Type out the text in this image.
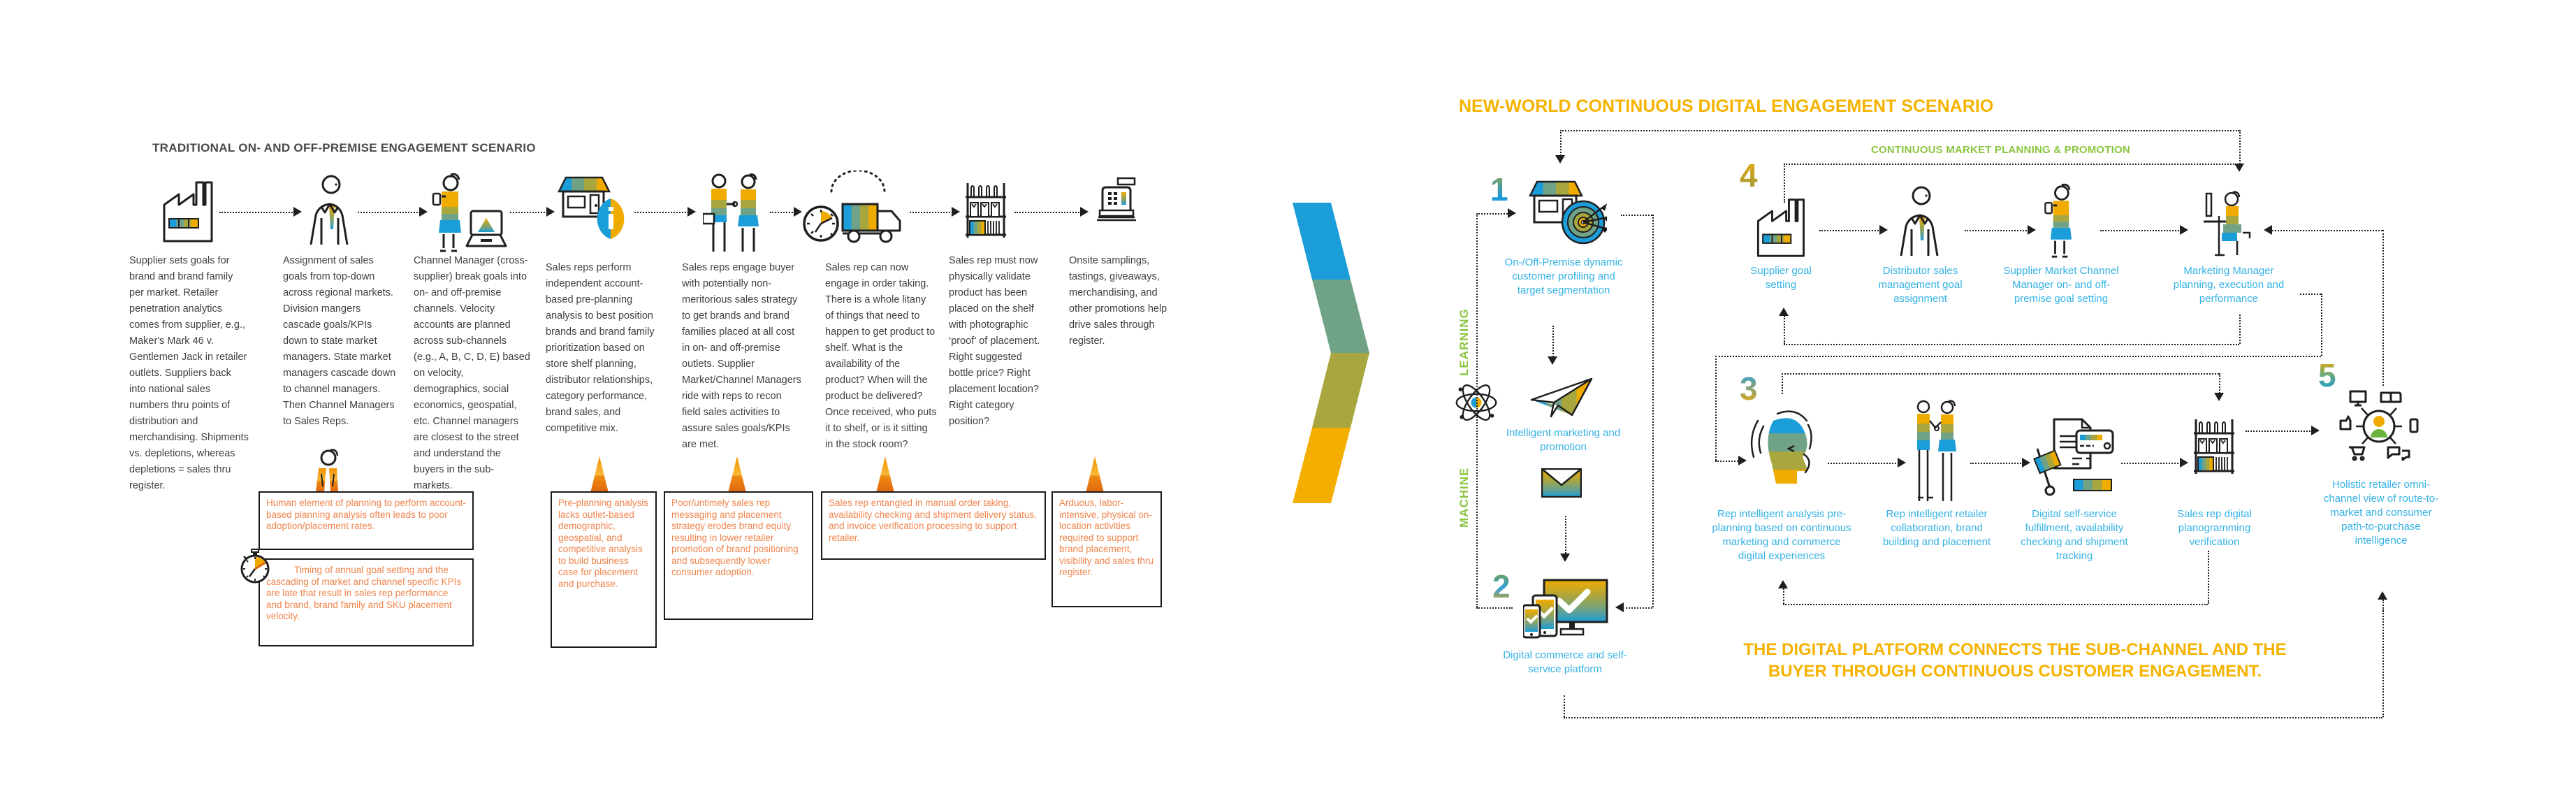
TRADITIONAL ON- AND OFF-PREMISE ENGAGEMENT SCENARIO
Supplier sets goals for brand and brand family per market. Retailer penetration analytics comes from supplier, e.g., Maker's Mark 46 v. Gentlemen Jack in retailer outlets. Suppliers back into national sales numbers thru points of distribution and merchandising. Shipments vs. depletions, whereas depletions = sales thru register.
Assignment of sales goals from top-down across regional markets. Division mangers cascade goals/KPIs down to state market managers. State market managers cascade down to channel managers. Then Channel Managers to Sales Reps.
Channel Manager (cross-supplier) break goals into on- and off-premise channels. Velocity accounts are planned across sub-channels (e.g., A, B, C, D, E) based on velocity, demographics, social economics, geospatial, etc. Channel managers are closest to the street and understand the buyers in the sub-markets.
Sales reps perform independent account-based pre-planning analysis to best position brands and brand family prioritization based on store shelf planning, distributor relationships, category performance, brand sales, and competitive mix.
Sales reps engage buyer with potentially non-meritorious sales strategy to get brands and brand families placed at all cost in on- and off-premise outlets. Supplier Market/Channel Managers ride with reps to recon field sales activities to assure sales goals/KPIs are met.
Sales rep can now engage in order taking. There is a whole litany of things that need to happen to get product to shelf. What is the availability of the product? When will the product be delivered? Once received, who puts it to shelf, or is it sitting in the stock room?
Sales rep must now physically validate product has been placed on the shelf with photographic ‘proof’ of placement. Right suggested bottle price? Right placement location? Right category position?
Onsite samplings, tastings, giveaways, merchandising, and other promotions help drive sales through register.
Human element of planning to perform account-based planning analysis often leads to poor adoption/placement rates.
Timing of annual goal setting and the cascading of market and channel specific KPIs are late that result in sales rep performance and brand, brand family and SKU placement velocity.
Pre-planning analysis lacks outlet-based demographic, geospatial, and competitive analysis to build business case for placement and purchase.
Poor/untimely sales rep messaging and placement strategy erodes brand equity resulting in lower retailer promotion of brand positioning and subsequently lower consumer adoption.
Sales rep entangled in manual order taking, availability checking and shipment delivery status, and invoice verification processing to support retailer.
Arduous, labor-intensive, physical on-location activities required to support brand placement, visibility and sales thru register.
NEW-WORLD CONTINUOUS DIGITAL ENGAGEMENT SCENARIO
CONTINUOUS MARKET PLANNING & PROMOTION
LEARNING
MACHINE
1
2
3
4
5
On-/Off-Premise dynamic customer profiling and target segmentation
Intelligent marketing and promotion
Digital commerce and self-service platform
Supplier goal setting
Distributor sales management goal assignment
Supplier Market Channel Manager on- and off-premise goal setting
Marketing Manager planning, execution and performance
Rep intelligent analysis pre-planning based on continuous marketing and commerce digital experiences
Rep intelligent retailer collaboration, brand building and placement
Digital self-service fulfillment, availability checking and shipment tracking
Sales rep digital planogramming verification
Holistic retailer omni-channel view of route-to-market and consumer path-to-purchase intelligence
THE DIGITAL PLATFORM CONNECTS THE SUB-CHANNEL AND THE BUYER THROUGH CONTINUOUS CUSTOMER ENGAGEMENT.
